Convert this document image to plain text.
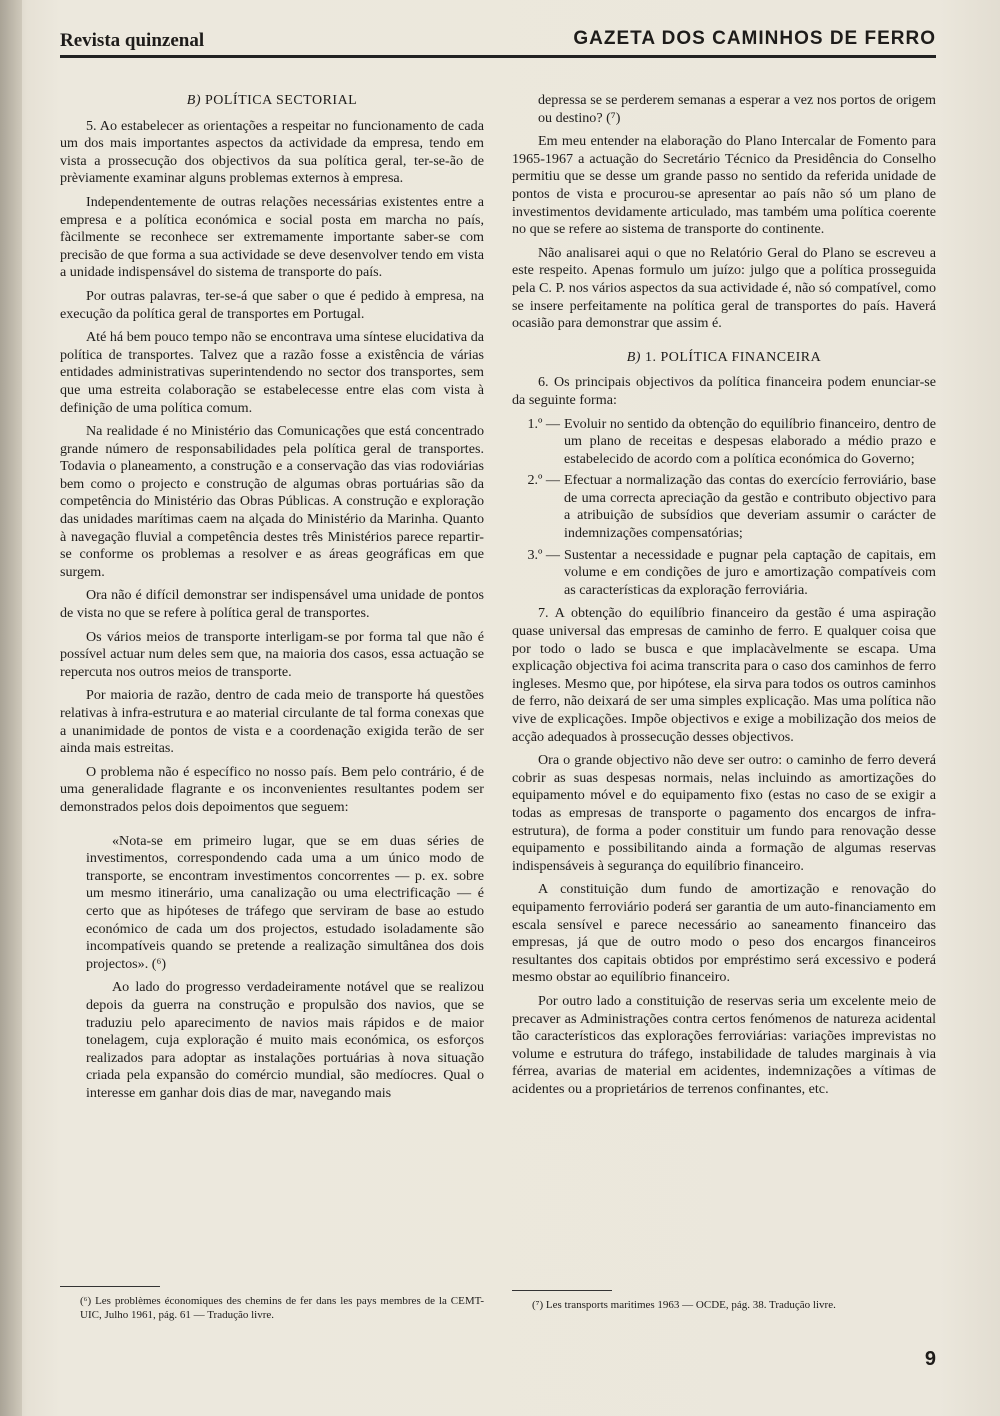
Revista quinzenal	GAZETA DOS CAMINHOS DE FERRO
B) POLÍTICA SECTORIAL

5. Ao estabelecer as orientações a respeitar no funcionamento de cada um dos mais importantes aspectos da actividade da empresa, tendo em vista a prossecução dos objectivos da sua política geral, ter-se-ão de prèviamente examinar alguns problemas externos à empresa.

Independentemente de outras relações necessárias existentes entre a empresa e a política económica e social posta em marcha no país, fàcilmente se reconhece ser extremamente importante saber-se com precisão de que forma a sua actividade se deve desenvolver tendo em vista a unidade indispensável do sistema de transporte do país.

Por outras palavras, ter-se-á que saber o que é pedido à empresa, na execução da política geral de transportes em Portugal.

Até há bem pouco tempo não se encontrava uma síntese elucidativa da política de transportes. Talvez que a razão fosse a existência de várias entidades administrativas superintendendo no sector dos transportes, sem que uma estreita colaboração se estabelecesse entre elas com vista à definição de uma política comum.

Na realidade é no Ministério das Comunicações que está concentrado grande número de responsabilidades pela política geral de transportes. Todavia o planeamento, a construção e a conservação das vias rodoviárias bem como o projecto e construção de algumas obras portuárias são da competência do Ministério das Obras Públicas. A construção e exploração das unidades marítimas caem na alçada do Ministério da Marinha. Quanto à navegação fluvial a competência destes três Ministérios parece repartir-se conforme os problemas a resolver e as áreas geográficas em que surgem.

Ora não é difícil demonstrar ser indispensável uma unidade de pontos de vista no que se refere à política geral de transportes.

Os vários meios de transporte interligam-se por forma tal que não é possível actuar num deles sem que, na maioria dos casos, essa actuação se repercuta nos outros meios de transporte.

Por maioria de razão, dentro de cada meio de transporte há questões relativas à infra-estrutura e ao material circulante de tal forma conexas que a unanimidade de pontos de vista e a coordenação exigida terão de ser ainda mais estreitas.

O problema não é específico no nosso país. Bem pelo contrário, é de uma generalidade flagrante e os inconvenientes resultantes podem ser demonstrados pelos dois depoimentos que seguem:

«Nota-se em primeiro lugar, que se em duas séries de investimentos, correspondendo cada uma a um único modo de transporte, se encontram investimentos concorrentes — p. ex. sobre um mesmo itinerário, uma canalização ou uma electrificação — é certo que as hipóteses de tráfego que serviram de base ao estudo económico de cada um dos projectos, estudado isoladamente são incompatíveis quando se pretende a realização simultânea dos dois projectos». (⁶)

Ao lado do progresso verdadeiramente notável que se realizou depois da guerra na construção e propulsão dos navios, que se traduziu pelo aparecimento de navios mais rápidos e de maior tonelagem, cuja exploração é muito mais económica, os esforços realizados para adoptar as instalações portuárias à nova situação criada pela expansão do comércio mundial, são medíocres. Qual o interesse em ganhar dois dias de mar, navegando mais

(⁶) Les problèmes économiques des chemins de fer dans les pays membres de la CEMT-UIC, Julho 1961, pág. 61 — Tradução livre.

depressa se se perderem semanas a esperar a vez nos portos de origem ou destino? (⁷)

Em meu entender na elaboração do Plano Intercalar de Fomento para 1965-1967 a actuação do Secretário Técnico da Presidência do Conselho permitiu que se desse um grande passo no sentido da referida unidade de pontos de vista e procurou-se apresentar ao país não só um plano de investimentos devidamente articulado, mas também uma política coerente no que se refere ao sistema de transporte do continente.

Não analisarei aqui o que no Relatório Geral do Plano se escreveu a este respeito. Apenas formulo um juízo: julgo que a política prosseguida pela C. P. nos vários aspectos da sua actividade é, não só compatível, como se insere perfeitamente na política geral de transportes do país. Haverá ocasião para demonstrar que assim é.

B) 1. POLÍTICA FINANCEIRA

6. Os principais objectivos da política financeira podem enunciar-se da seguinte forma:

1.º — Evoluir no sentido da obtenção do equilíbrio financeiro, dentro de um plano de receitas e despesas elaborado a médio prazo e estabelecido de acordo com a política económica do Governo;
2.º — Efectuar a normalização das contas do exercício ferroviário, base de uma correcta apreciação da gestão e contributo objectivo para a atribuição de subsídios que deveriam assumir o carácter de indemnizações compensatórias;
3.º — Sustentar a necessidade e pugnar pela captação de capitais, em volume e em condições de juro e amortização compatíveis com as características da exploração ferroviária.

7. A obtenção do equilíbrio financeiro da gestão é uma aspiração quase universal das empresas de caminho de ferro. E qualquer coisa que por todo o lado se busca e que implacàvelmente se escapa. Uma explicação objectiva foi acima transcrita para o caso dos caminhos de ferro ingleses. Mesmo que, por hipótese, ela sirva para todos os outros caminhos de ferro, não deixará de ser uma simples explicação. Mas uma política não vive de explicações. Impõe objectivos e exige a mobilização dos meios de acção adequados à prossecução desses objectivos.

Ora o grande objectivo não deve ser outro: o caminho de ferro deverá cobrir as suas despesas normais, nelas incluindo as amortizações do equipamento móvel e do equipamento fixo (estas no caso de se exigir a todas as empresas de transporte o pagamento dos encargos de infra-estrutura), de forma a poder constituir um fundo para renovação desse equipamento e possibilitando ainda a formação de algumas reservas indispensáveis à segurança do equilíbrio financeiro.

A constituição dum fundo de amortização e renovação do equipamento ferroviário poderá ser garantia de um auto-financiamento em escala sensível e parece necessário ao saneamento financeiro das empresas, já que de outro modo o peso dos encargos financeiros resultantes dos capitais obtidos por empréstimo será excessivo e poderá mesmo obstar ao equilíbrio financeiro.

Por outro lado a constituição de reservas seria um excelente meio de precaver as Administrações contra certos fenómenos de natureza acidental tão característicos das explorações ferroviárias: variações imprevistas no volume e estrutura do tráfego, instabilidade de taludes marginais à via férrea, avarias de material em acidentes, indemnizações a vítimas de acidentes ou a proprietários de terrenos confinantes, etc.

(⁷) Les transports maritimes 1963 — OCDE, pág. 38. Tradução livre.
9
